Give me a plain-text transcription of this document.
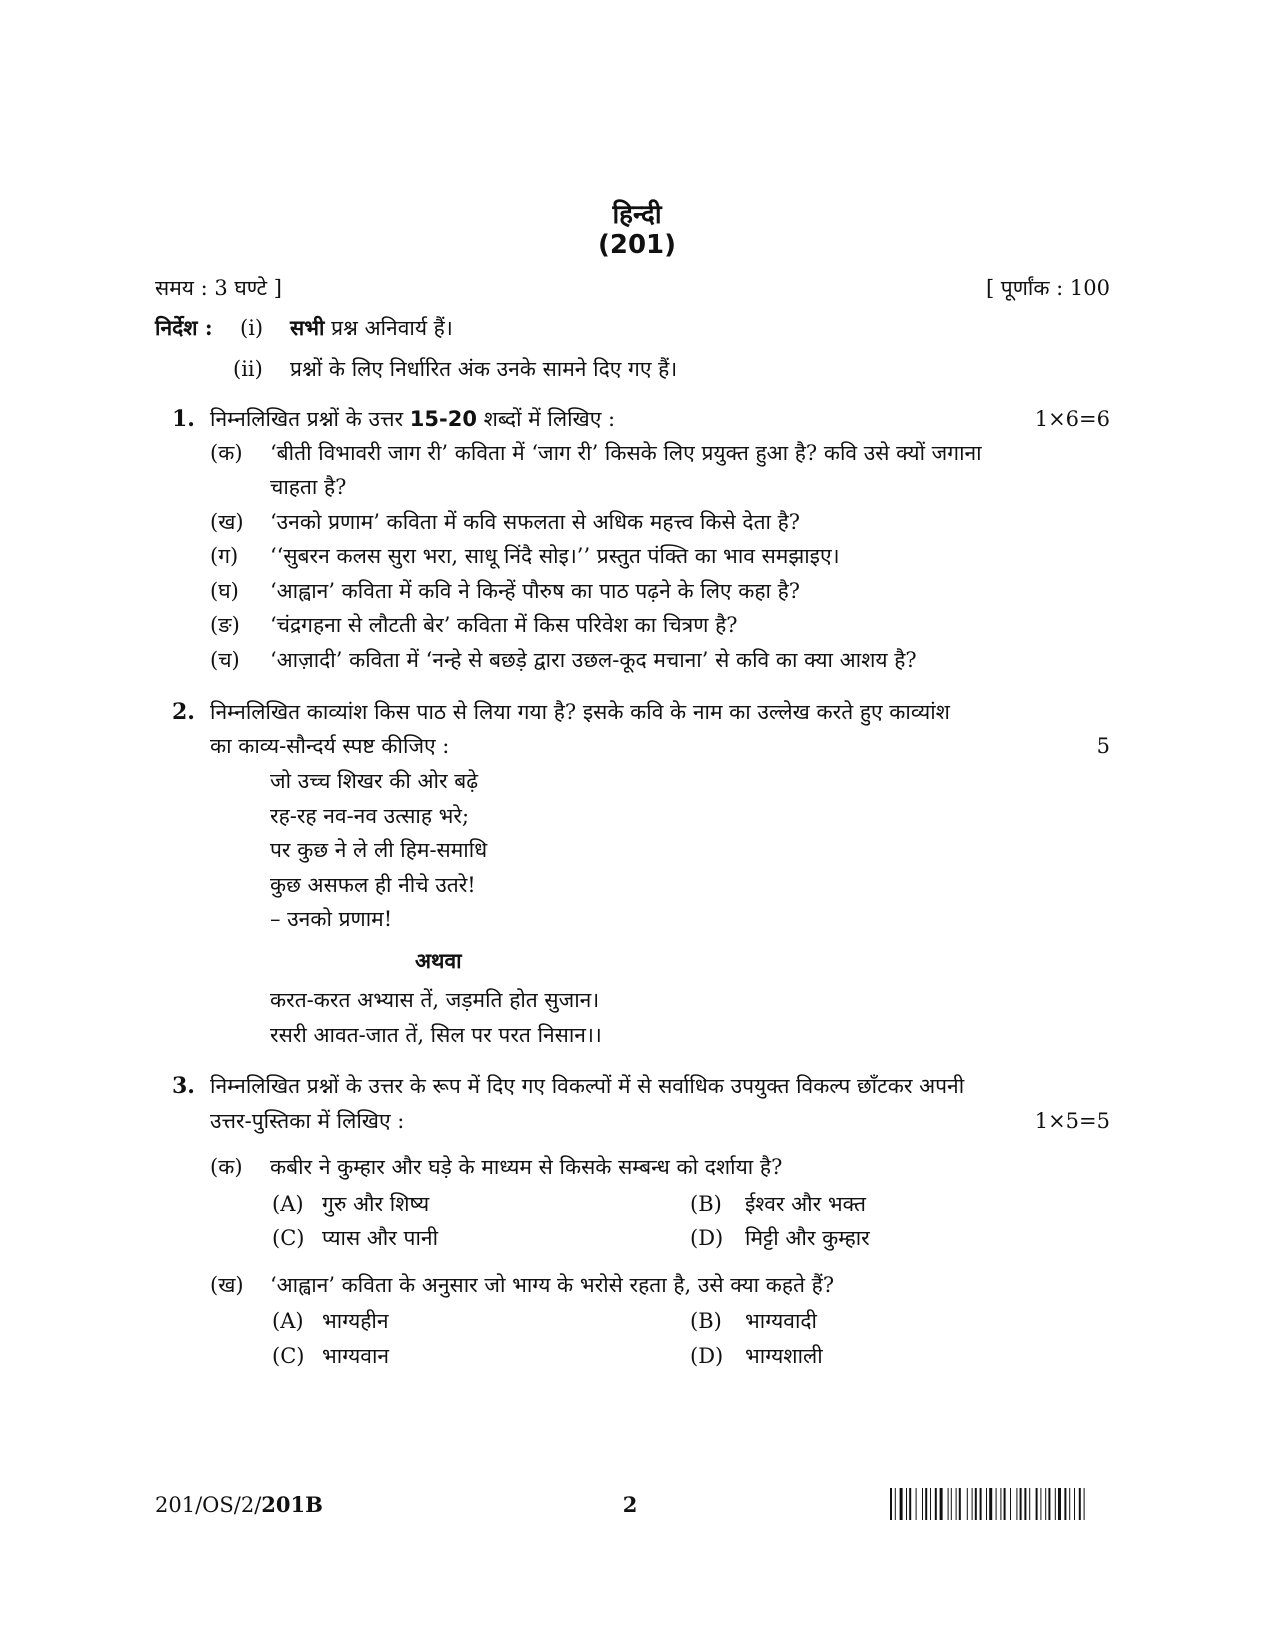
हिन्दी
(201)
समय : 3 घण्टे ]	[ पूर्णांक : 100
निर्देश : (i) सभी प्रश्न अनिवार्य हैं।
(ii) प्रश्नों के लिए निर्धारित अंक उनके सामने दिए गए हैं।
1. निम्नलिखित प्रश्नों के उत्तर 15-20 शब्दों में लिखिए :	1×6=6
(क) ‘बीती विभावरी जाग री’ कविता में ‘जाग री’ किसके लिए प्रयुक्त हुआ है? कवि उसे क्यों जगाना
चाहता है?
(ख) ‘उनको प्रणाम’ कविता में कवि सफलता से अधिक महत्त्व किसे देता है?
(ग) ‘‘सुबरन कलस सुरा भरा, साधू निंदै सोइ।’’ प्रस्तुत पंक्ति का भाव समझाइए।
(घ) ‘आह्वान’ कविता में कवि ने किन्हें पौरुष का पाठ पढ़ने के लिए कहा है?
(ङ) ‘चंद्रगहना से लौटती बेर’ कविता में किस परिवेश का चित्रण है?
(च) ‘आज़ादी’ कविता में ‘नन्हे से बछड़े द्वारा उछल-कूद मचाना’ से कवि का क्या आशय है?
2. निम्नलिखित काव्यांश किस पाठ से लिया गया है? इसके कवि के नाम का उल्लेख करते हुए काव्यांश
का काव्य-सौन्दर्य स्पष्ट कीजिए :	5
जो उच्च शिखर की ओर बढ़े
रह-रह नव-नव उत्साह भरे;
पर कुछ ने ले ली हिम-समाधि
कुछ असफल ही नीचे उतरे!
– उनको प्रणाम!
अथवा
करत-करत अभ्यास तें, जड़मति होत सुजान।
रसरी आवत-जात तें, सिल पर परत निसान।।
3. निम्नलिखित प्रश्नों के उत्तर के रूप में दिए गए विकल्पों में से सर्वाधिक उपयुक्त विकल्प छाँटकर अपनी
उत्तर-पुस्तिका में लिखिए :	1×5=5
(क) कबीर ने कुम्हार और घड़े के माध्यम से किसके सम्बन्ध को दर्शाया है?
(A) गुरु और शिष्य	(B) ईश्वर और भक्त
(C) प्यास और पानी	(D) मिट्टी और कुम्हार
(ख) ‘आह्वान’ कविता के अनुसार जो भाग्य के भरोसे रहता है, उसे क्या कहते हैं?
(A) भाग्यहीन	(B) भाग्यवादी
(C) भाग्यवान	(D) भाग्यशाली
201/OS/2/201B	2
